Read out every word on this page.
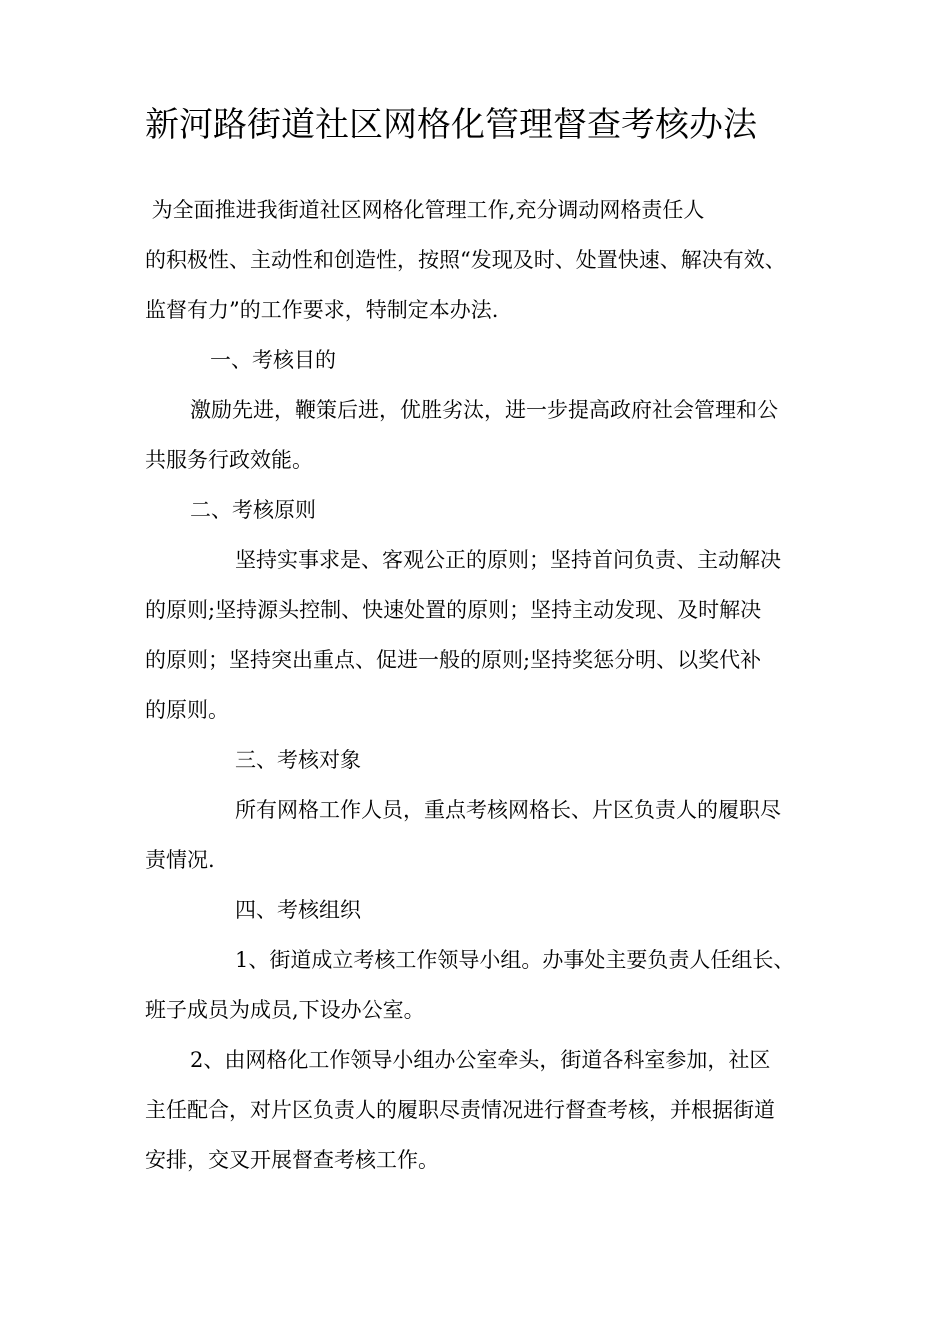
新河路街道社区网格化管理督查考核办法

为全面推进我街道社区网格化管理工作,充分调动网格责任人

的积极性、主动性和创造性，按照“发现及时、处置快速、解决有效、

监督有力”的工作要求，特制定本办法.

一、考核目的

激励先进，鞭策后进，优胜劣汰，进一步提高政府社会管理和公

共服务行政效能。

二、考核原则

坚持实事求是、客观公正的原则；坚持首问负责、主动解决

的原则;坚持源头控制、快速处置的原则；坚持主动发现、及时解决

的原则；坚持突出重点、促进一般的原则;坚持奖惩分明、以奖代补

的原则。

三、考核对象

所有网格工作人员，重点考核网格长、片区负责人的履职尽

责情况.

四、考核组织

1、街道成立考核工作领导小组。办事处主要负责人任组长、

班子成员为成员,下设办公室。

2、由网格化工作领导小组办公室牵头，街道各科室参加，社区

主任配合，对片区负责人的履职尽责情况进行督查考核，并根据街道

安排，交叉开展督查考核工作。
